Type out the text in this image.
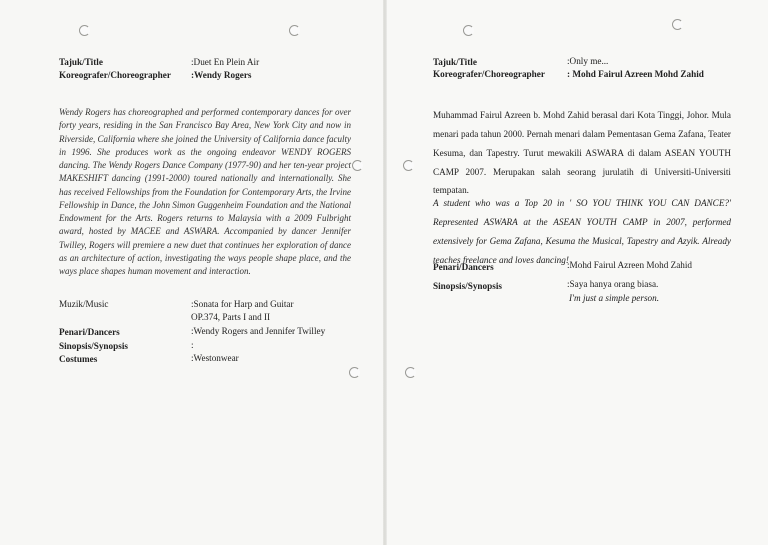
Tajuk/Title	:Duet En Plein Air

Koreografer/Choreographer :Wendy Rogers

Wendy Rogers has choreographed and performed contemporary dances for over forty years, residing in the San Francisco Bay Area, New York City and now in Riverside, California where she joined the University of California dance faculty in 1996. She produces work as the ongoing endeavor WENDY ROGERS dancing. The Wendy Rogers Dance Company (1977-90) and her ten-year project MAKESHIFT dancing (1991-2000) toured nationally and internationally. She has received Fellowships from the Foundation for Contemporary Arts, the Irvine Fellowship in Dance, the John Simon Guggenheim Foundation and the National Endowment for the Arts. Rogers returns to Malaysia with a 2009 Fulbright award, hosted by MACEE and ASWARA. Accompanied by dancer Jennifer Twilley, Rogers will premiere a new duet that continues her exploration of dance as an architecture of action, investigating the ways people shape place, and the ways place shapes human movement and interaction.

Muzik/Music	:Sonata for Harp and Guitar

OP.374, Parts I and II

Penari/Dancers	:Wendy Rogers and Jennifer Twilley

Sinopsis/Synopsis	:

Costumes	:Westonwear

Tajuk/Title	:Only me...

Koreografer/Choreographer : Mohd Fairul Azreen Mohd Zahid

Muhammad Fairul Azreen b. Mohd Zahid berasal dari Kota Tinggi, Johor. Mula menari pada tahun 2000. Pernah menari dalam Pementasan Gema Zafana, Teater Kesuma, dan Tapestry. Turut mewakili ASWARA di dalam ASEAN YOUTH CAMP 2007. Merupakan salah seorang jurulatih di Universiti-Universiti tempatan.

A student who was a Top 20 in ' SO YOU THINK YOU CAN DANCE?' Represented ASWARA at the ASEAN YOUTH CAMP in 2007, performed extensively for Gema Zafana, Kesuma the Musical, Tapestry and Azyik. Already teaches freelance and loves dancing!

Penari/Dancers	:Mohd Fairul Azreen Mohd Zahid

Sinopsis/Synopsis	:Saya hanya orang biasa.

I'm just a simple person.
